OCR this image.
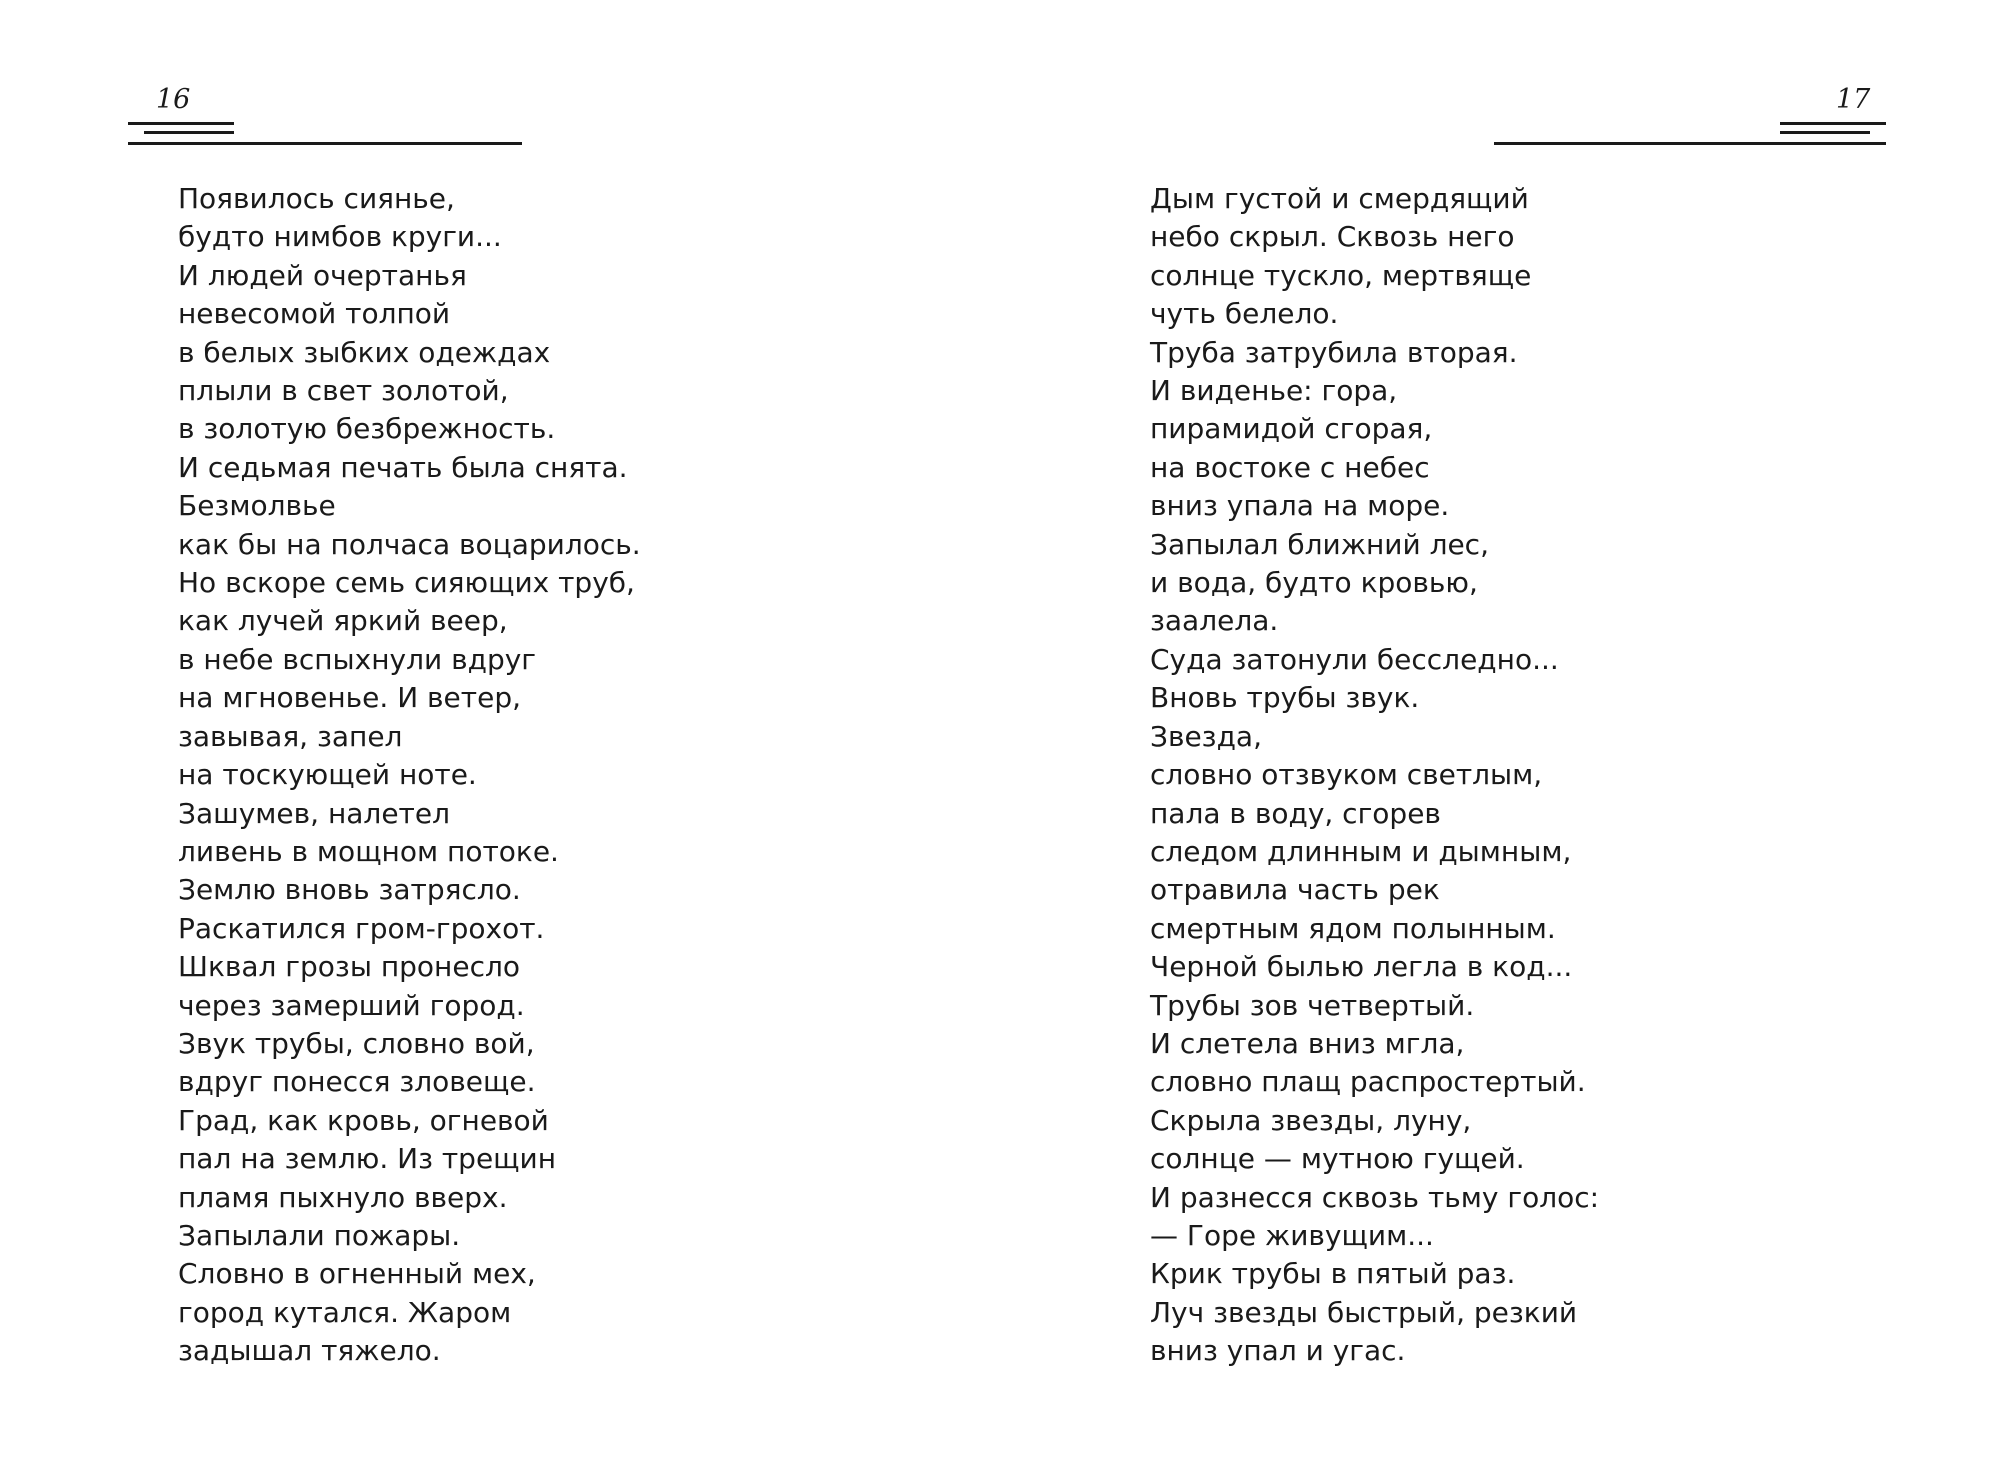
16
Появилось сиянье,
будто нимбов круги...
И людей очертанья
невесомой толпой
в белых зыбких одеждах
плыли в свет золотой,
в золотую безбрежность.
И седьмая печать была снята.
Безмолвье
как бы на полчаса воцарилось.
Но вскоре семь сияющих труб,
как лучей яркий веер,
в небе вспыхнули вдруг
на мгновенье. И ветер,
завывая, запел
на тоскующей ноте.
Зашумев, налетел
ливень в мощном потоке.
Землю вновь затрясло.
Раскатился гром-грохот.
Шквал грозы пронесло
через замерший город.
Звук трубы, словно вой,
вдруг понесся зловеще.
Град, как кровь, огневой
пал на землю. Из трещин
пламя пыхнуло вверх.
Запылали пожары.
Словно в огненный мех,
город кутался. Жаром
задышал тяжело.
17
Дым густой и смердящий
небо скрыл. Сквозь него
солнце тускло, мертвяще
чуть белело.
Труба затрубила вторая.
И виденье: гора,
пирамидой сгорая,
на востоке с небес
вниз упала на море.
Запылал ближний лес,
и вода, будто кровью,
заалела.
Суда затонули бесследно...
Вновь трубы звук.
Звезда,
словно отзвуком светлым,
пала в воду, сгорев
следом длинным и дымным,
отравила часть рек
смертным ядом полынным.
Черной былью легла в код...
Трубы зов четвертый.
И слетела вниз мгла,
словно плащ распростертый.
Скрыла звезды, луну,
солнце — мутною гущей.
И разнесся сквозь тьму голос:
— Горе живущим...
Крик трубы в пятый раз.
Луч звезды быстрый, резкий
вниз упал и угас.
